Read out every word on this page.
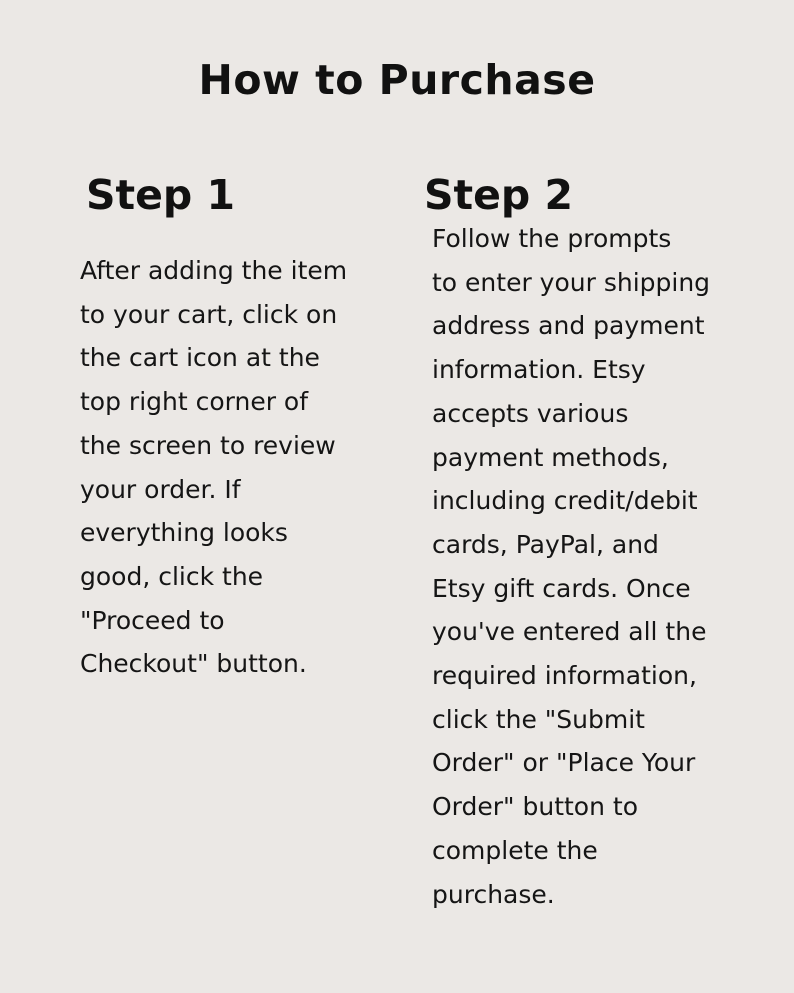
How to Purchase
Step 1
After adding the item
to your cart, click on
the cart icon at the
top right corner of
the screen to review
your order. If
everything looks
good, click the
"Proceed to
Checkout" button.
Step 2
Follow the prompts
to enter your shipping
address and payment
information. Etsy
accepts various
payment methods,
including credit/debit
cards, PayPal, and
Etsy gift cards. Once
you've entered all the
required information,
click the "Submit
Order" or "Place Your
Order" button to
complete the
purchase.
